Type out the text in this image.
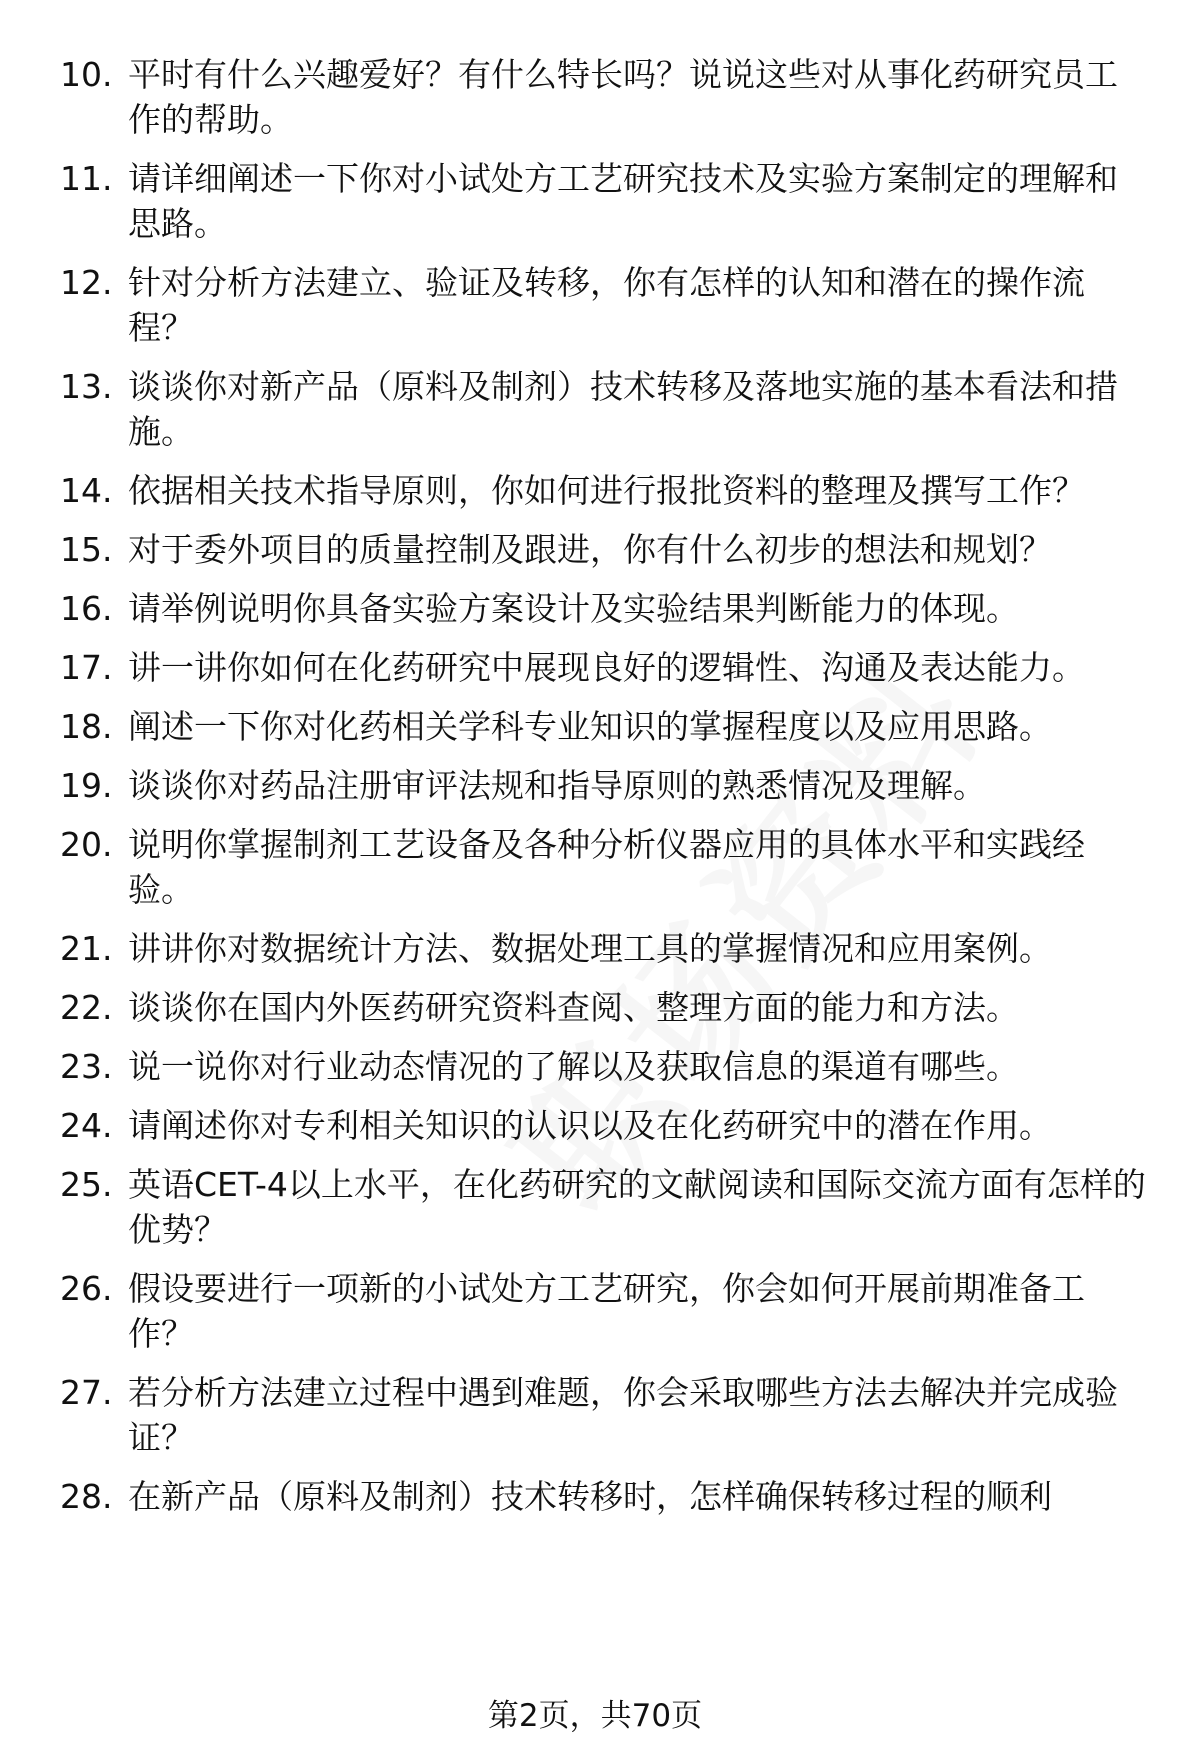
10. 平时有什么兴趣爱好？有什么特长吗？说说这些对从事化药研究员工作的帮助。
11. 请详细阐述一下你对小试处方工艺研究技术及实验方案制定的理解和思路。
12. 针对分析方法建立、验证及转移，你有怎样的认知和潜在的操作流程？
13. 谈谈你对新产品（原料及制剂）技术转移及落地实施的基本看法和措施。
14. 依据相关技术指导原则，你如何进行报批资料的整理及撰写工作？
15. 对于委外项目的质量控制及跟进，你有什么初步的想法和规划？
16. 请举例说明你具备实验方案设计及实验结果判断能力的体现。
17. 讲一讲你如何在化药研究中展现良好的逻辑性、沟通及表达能力。
18. 阐述一下你对化药相关学科专业知识的掌握程度以及应用思路。
19. 谈谈你对药品注册审评法规和指导原则的熟悉情况及理解。
20. 说明你掌握制剂工艺设备及各种分析仪器应用的具体水平和实践经验。
21. 讲讲你对数据统计方法、数据处理工具的掌握情况和应用案例。
22. 谈谈你在国内外医药研究资料查阅、整理方面的能力和方法。
23. 说一说你对行业动态情况的了解以及获取信息的渠道有哪些。
24. 请阐述你对专利相关知识的认识以及在化药研究中的潜在作用。
25. 英语CET-4以上水平，在化药研究的文献阅读和国际交流方面有怎样的优势？
26. 假设要进行一项新的小试处方工艺研究，你会如何开展前期准备工作？
27. 若分析方法建立过程中遇到难题，你会采取哪些方法去解决并完成验证？
28. 在新产品（原料及制剂）技术转移时，怎样确保转移过程的顺利
第2页，共70页
